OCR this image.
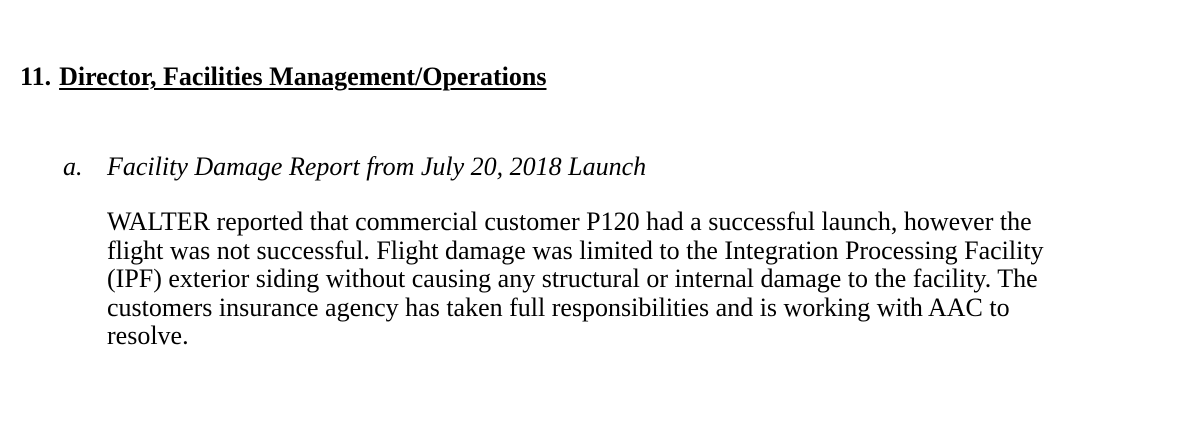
11. Director, Facilities Management/Operations
a. Facility Damage Report from July 20, 2018 Launch
WALTER reported that commercial customer P120 had a successful launch, however the
flight was not successful. Flight damage was limited to the Integration Processing Facility
(IPF) exterior siding without causing any structural or internal damage to the facility. The
customers insurance agency has taken full responsibilities and is working with AAC to
resolve.
